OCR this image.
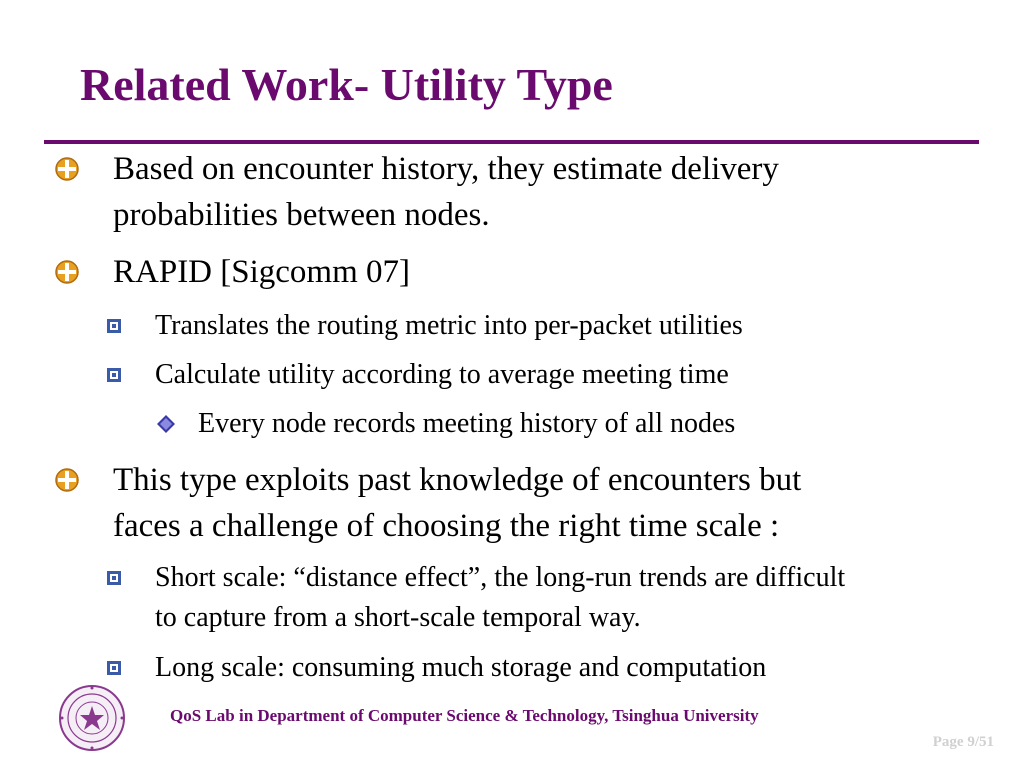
Related Work- Utility Type
Based on encounter history, they estimate delivery
probabilities between nodes.
RAPID [Sigcomm 07]
Translates the routing metric into per-packet utilities
Calculate utility according to average meeting time
Every node records meeting history of all nodes
This type exploits past knowledge of encounters but
faces a challenge of choosing the right time scale :
Short scale: “distance effect”, the long-run trends are difficult
to capture from a short-scale temporal way.
Long scale: consuming much storage and computation
QoS Lab in Department of Computer Science & Technology, Tsinghua University
Page 9/51
